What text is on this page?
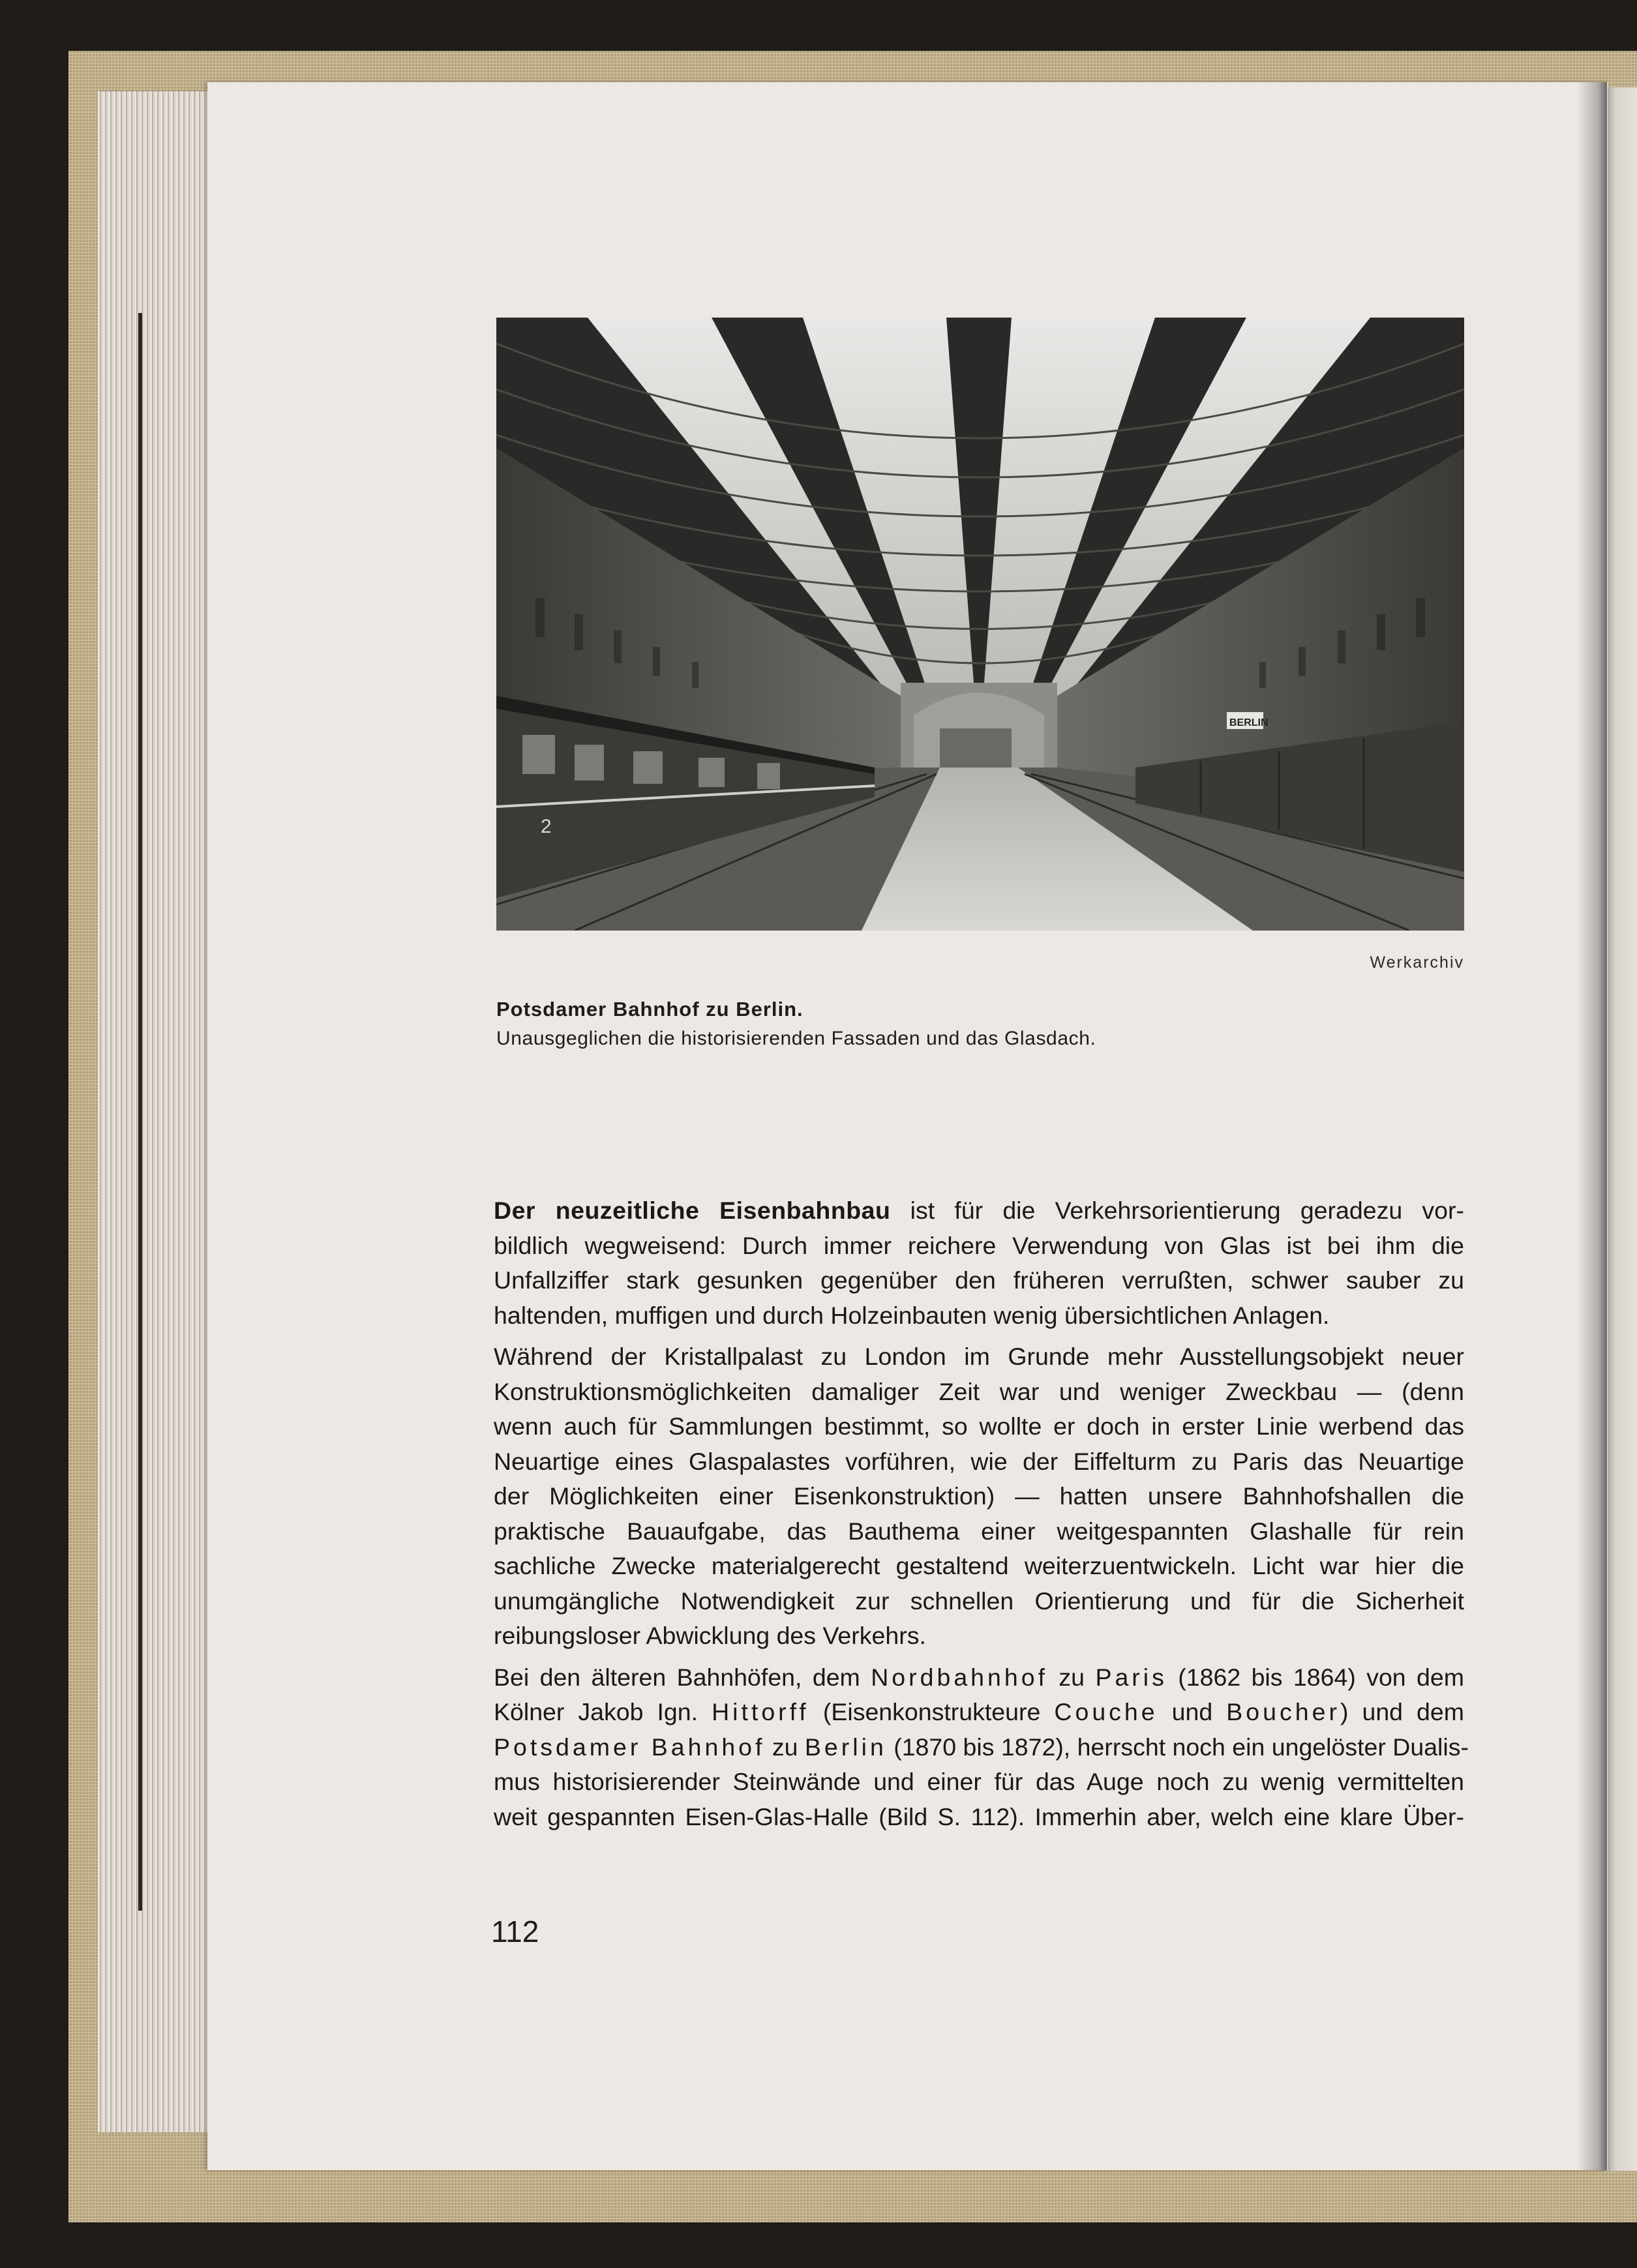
2
BERLIN
Werkarchiv
Potsdamer Bahnhof zu Berlin.
Unausgeglichen die historisierenden Fassaden und das Glasdach.
Der neuzeitliche Eisenbahnbau ist für die Verkehrsorientierung geradezu vor-
bildlich wegweisend: Durch immer reichere Verwendung von Glas ist bei ihm die
Unfallziffer stark gesunken gegenüber den früheren verrußten, schwer sauber zu
haltenden, muffigen und durch Holzeinbauten wenig übersichtlichen Anlagen.
Während der Kristallpalast zu London im Grunde mehr Ausstellungsobjekt neuer
Konstruktionsmöglichkeiten damaliger Zeit war und weniger Zweckbau — (denn
wenn auch für Sammlungen bestimmt, so wollte er doch in erster Linie werbend das
Neuartige eines Glaspalastes vorführen, wie der Eiffelturm zu Paris das Neuartige
der Möglichkeiten einer Eisenkonstruktion) — hatten unsere Bahnhofshallen die
praktische Bauaufgabe, das Bauthema einer weitgespannten Glashalle für rein
sachliche Zwecke materialgerecht gestaltend weiterzuentwickeln. Licht war hier die
unumgängliche Notwendigkeit zur schnellen Orientierung und für die Sicherheit
reibungsloser Abwicklung des Verkehrs.
Bei den älteren Bahnhöfen, dem Nordbahnhof zu Paris (1862 bis 1864) von dem
Kölner Jakob Ign. Hittorff (Eisenkonstrukteure Couche und Boucher) und dem
Potsdamer Bahnhof zu Berlin (1870 bis 1872), herrscht noch ein ungelöster Dualis-
mus historisierender Steinwände und einer für das Auge noch zu wenig vermittelten
weit gespannten Eisen-Glas-Halle (Bild S. 112). Immerhin aber, welch eine klare Über-
112
